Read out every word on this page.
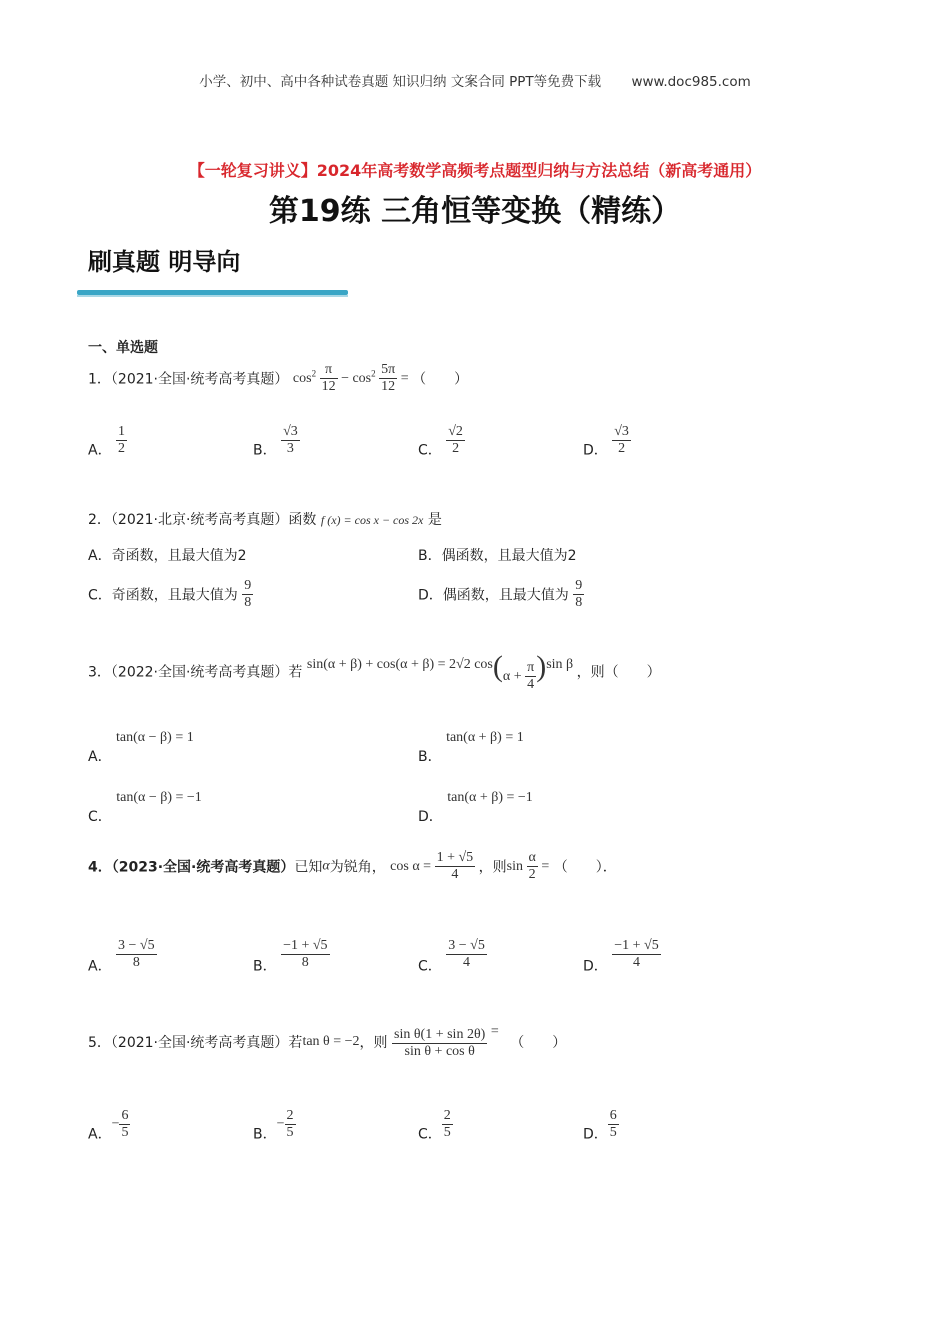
小学、初中、高中各种试卷真题 知识归纳 文案合同 PPT等免费下载 www.doc985.com
【一轮复习讲义】2024年高考数学高频考点题型归纳与方法总结（新高考通用）
第19练 三角恒等变换（精练）
刷真题 明导向
一、单选题
1．（2021·全国·统考高考真题） $\cos^2 \frac{\pi}{12} - \cos^2 \frac{5\pi}{12}$ = （　　）
A． $\frac{1}{2}$	B． $\frac{√3}{3}$	C． $\frac{√2}{2}$	D． $\frac{√3}{2}$
2．（2021·北京·统考高考真题）函数 f (x) = cos x − cos 2x 是
A．奇函数，且最大值为2	B．偶函数，且最大值为2
C．奇函数，且最大值为 $\frac{9}{8}$	D．偶函数，且最大值为 $\frac{9}{8}$
3．（2022·全国·统考高考真题）若 sin(α + β) + cos(α + β) = 2√2 $\cos(\alpha + \frac{\pi}{4} )\sin$ β ，则（　　）
A． tan(α − β) = 1
B． tan(α + β) = 1
C． tan(α − β) = −1
D． tan(α + β) = −1
4．（2023·全国·统考高考真题）已知α为锐角， $\cos \alpha = \frac{1 + √5}{4}$ ，则$\sin \frac{\alpha}{2}$ = （　　）．
A． $\frac{3 - √5}{8}$	B． $\frac{-1 + √5}{8}$	C． $\frac{3 - √5}{4}$	D． $\frac{-1 + √5}{4}$
5．（2021·全国·统考高考真题）若tan θ = −2，则 $\frac{\text{sin θ(1 + sin 2θ)}}{\text{sin θ + cos θ}}$ = （　　）
A．− $\frac{6}{5}$	B．− $\frac{2}{5}$	C． $\frac{2}{5}$	D． $\frac{6}{5}$
